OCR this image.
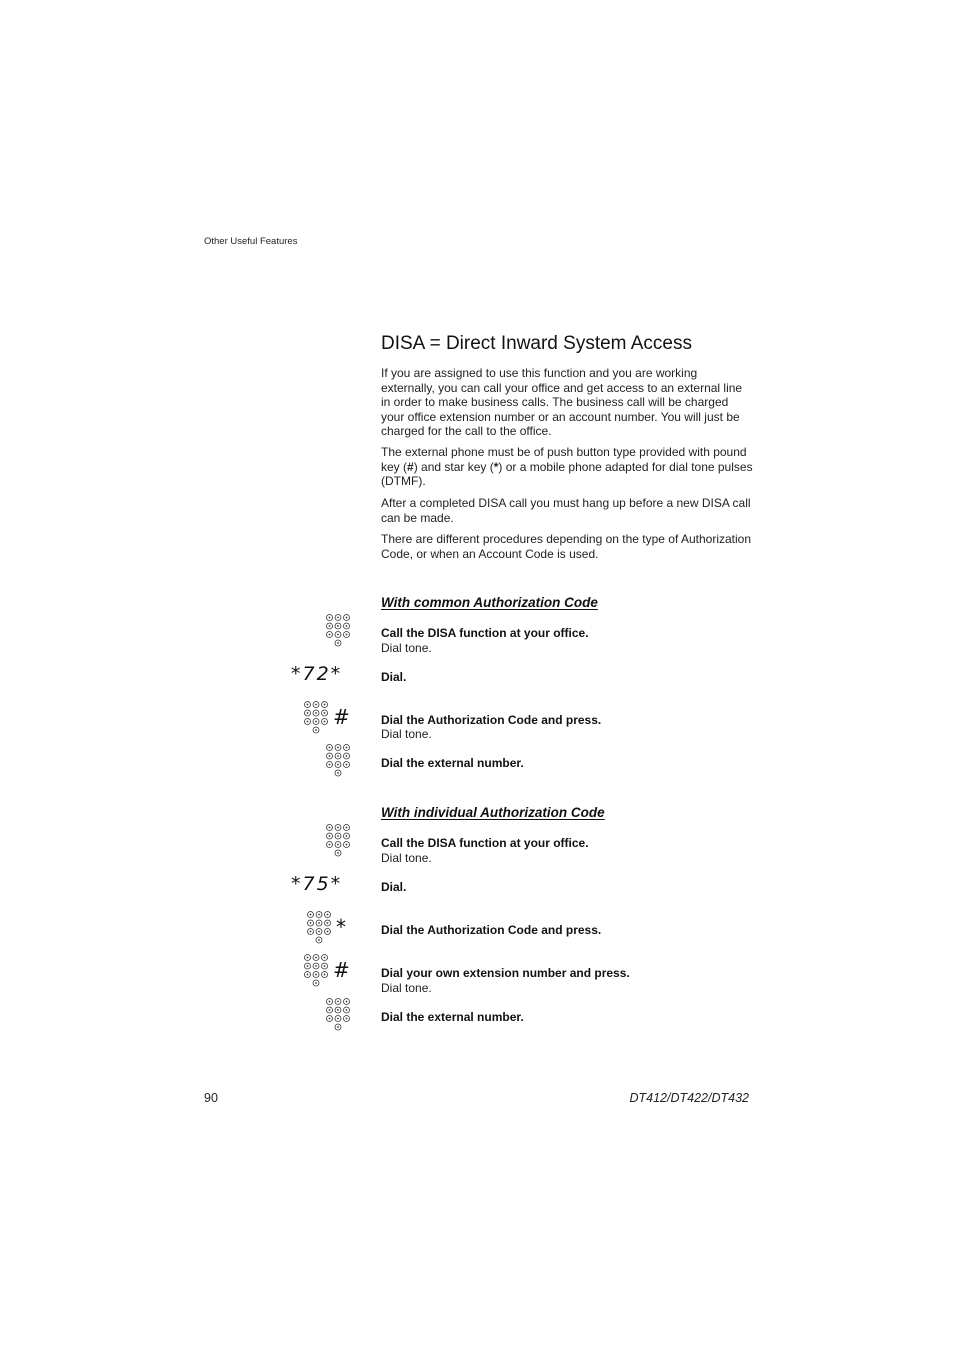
Other Useful Features
DISA = Direct Inward System Access

If you are assigned to use this function and you are working externally, you can call your office and get access to an external line in order to make business calls. The business call will be charged your office extension number or an account number. You will just be charged for the call to the office.

The external phone must be of push button type provided with pound key (#) and star key (*) or a mobile phone adapted for dial tone pulses (DTMF).

After a completed DISA call you must hang up before a new DISA call can be made.

There are different procedures depending on the type of Authorization Code, or when an Account Code is used.

With common Authorization Code
Call the DISA function at your office.
Dial tone.
*72*	Dial.
#	Dial the Authorization Code and press.
Dial tone.
Dial the external number.
With individual Authorization Code
Call the DISA function at your office.
Dial tone.
*75*	Dial.
*	Dial the Authorization Code and press.
#	Dial your own extension number and press.
Dial tone.
Dial the external number.
90	DT412/DT422/DT432
